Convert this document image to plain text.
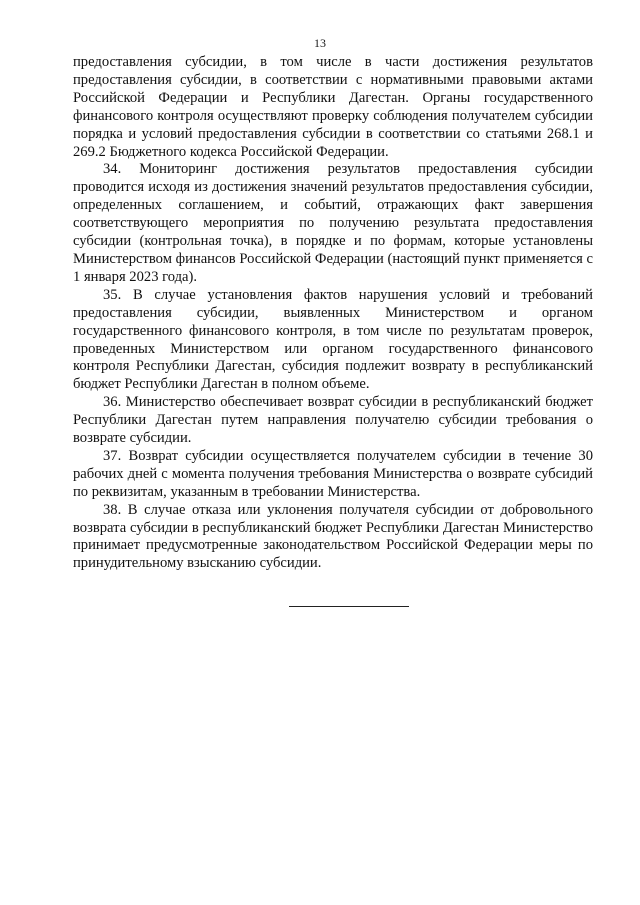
13

предоставления субсидии, в том числе в части достижения результатов предоставления субсидии, в соответствии с нормативными правовыми актами Российской Федерации и Республики Дагестан. Органы государственного финансового контроля осуществляют проверку соблюдения получателем субсидии порядка и условий предоставления субсидии в соответствии со статьями 268.1 и 269.2 Бюджетного кодекса Российской Федерации.

34. Мониторинг достижения результатов предоставления субсидии проводится исходя из достижения значений результатов предоставления субсидии, определенных соглашением, и событий, отражающих факт завершения соответствующего мероприятия по получению результата предоставления субсидии (контрольная точка), в порядке и по формам, которые установлены Министерством финансов Российской Федерации (настоящий пункт применяется с 1 января 2023 года).

35. В случае установления фактов нарушения условий и требований предоставления субсидии, выявленных Министерством и органом государственного финансового контроля, в том числе по результатам проверок, проведенных Министерством или органом государственного финансового контроля Республики Дагестан, субсидия подлежит возврату в республиканский бюджет Республики Дагестан в полном объеме.

36. Министерство обеспечивает возврат субсидии в республиканский бюджет Республики Дагестан путем направления получателю субсидии требования о возврате субсидии.

37. Возврат субсидии осуществляется получателем субсидии в течение 30 рабочих дней с момента получения требования Министерства о возврате субсидий по реквизитам, указанным в требовании Министерства.

38. В случае отказа или уклонения получателя субсидии от добровольного возврата субсидии в республиканский бюджет Республики Дагестан Министерство принимает предусмотренные законодательством Российской Федерации меры по принудительному взысканию субсидии.
